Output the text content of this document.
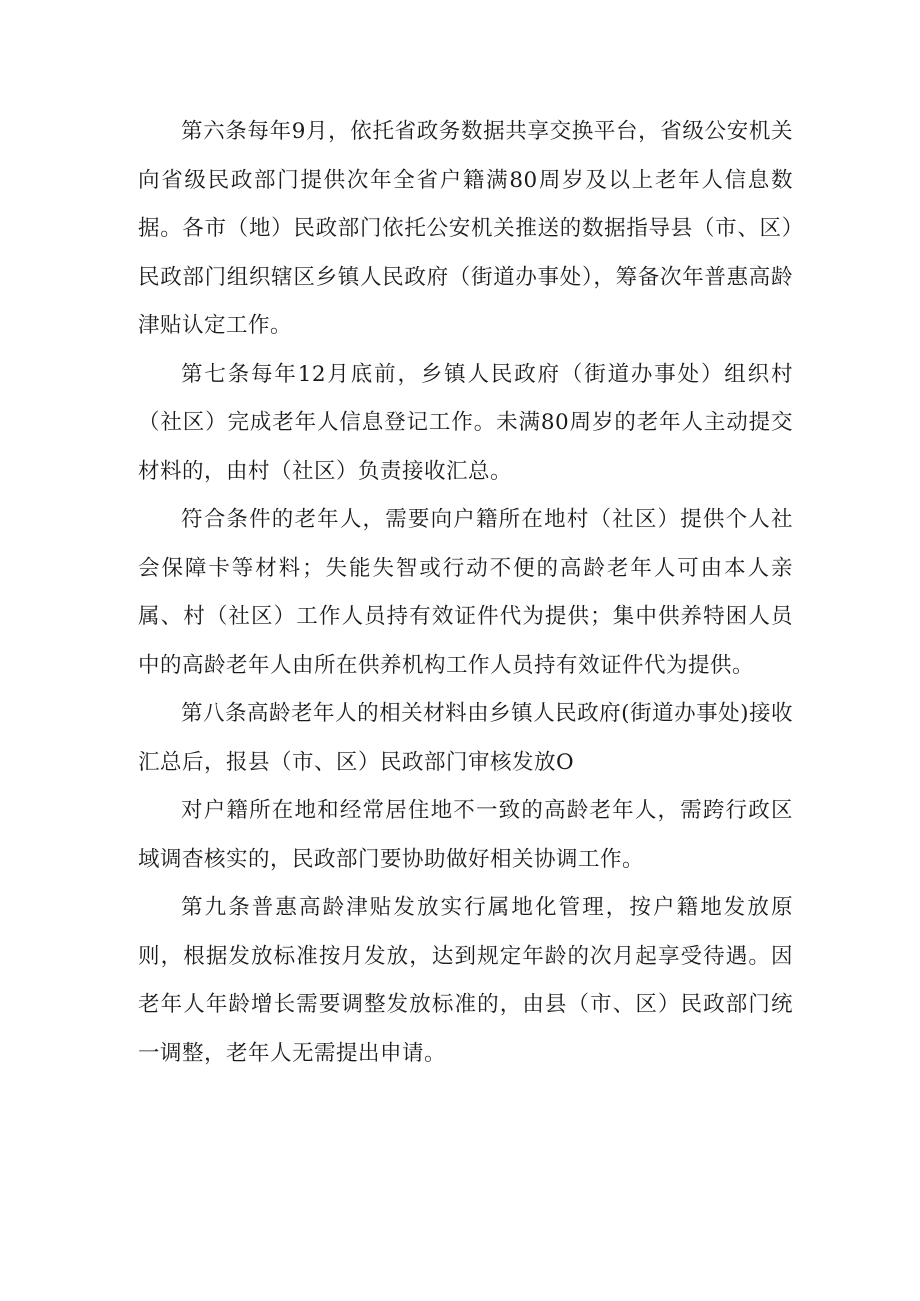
第六条每年9月，依托省政务数据共享交换平台，省级公安机关向省级民政部门提供次年全省户籍满80周岁及以上老年人信息数据。各市（地）民政部门依托公安机关推送的数据指导县（市、区）民政部门组织辖区乡镇人民政府（街道办事处），筹备次年普惠高龄津贴认定工作。

第七条每年12月底前，乡镇人民政府（街道办事处）组织村（社区）完成老年人信息登记工作。未满80周岁的老年人主动提交材料的，由村（社区）负责接收汇总。

符合条件的老年人，需要向户籍所在地村（社区）提供个人社会保障卡等材料；失能失智或行动不便的高龄老年人可由本人亲属、村（社区）工作人员持有效证件代为提供；集中供养特困人员中的高龄老年人由所在供养机构工作人员持有效证件代为提供。

第八条高龄老年人的相关材料由乡镇人民政府(街道办事处)接收汇总后，报县（市、区）民政部门审核发放O

对户籍所在地和经常居住地不一致的高龄老年人，需跨行政区域调杳核实的，民政部门要协助做好相关协调工作。

第九条普惠高龄津贴发放实行属地化管理，按户籍地发放原则，根据发放标准按月发放，达到规定年龄的次月起享受待遇。因老年人年龄增长需要调整发放标准的，由县（市、区）民政部门统一调整，老年人无需提出申请。
